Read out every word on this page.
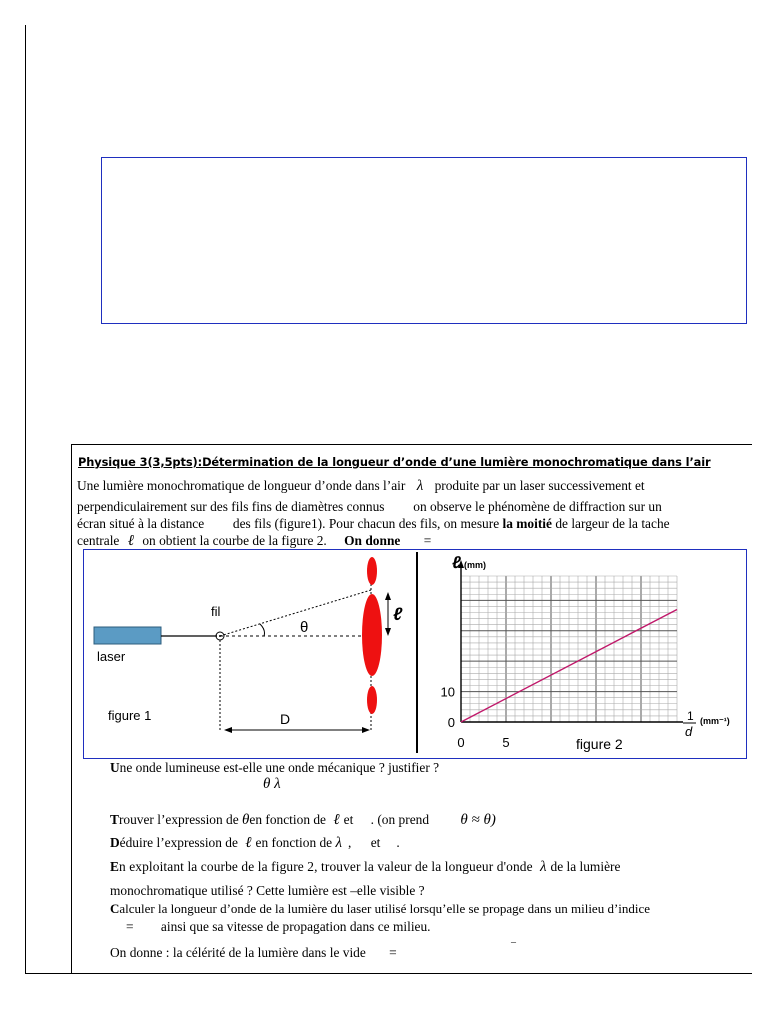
Physique 3(3,5pts):Détermination de la longueur d’onde d’une lumière monochromatique dans l’air
Une lumière monochromatique de longueur d’onde dans l’air λ produite par un laser successivement et
perpendiculairement sur des fils fins de diamètres connus on observe le phénomène de diffraction sur un
écran situé à la distance des fils (figure1). Pour chacun des fils, on mesure la moitié de largeur de la tache
centrale ℓ on obtient la courbe de la figure 2. On donne =
θ
fil
laser
figure 1	D
ℓ
0
10
0	5
ℓ (mm)
1
d
(mm⁻¹)
figure 2
Une onde lumineuse est-elle une onde mécanique ? justifier ?
θ λ
Trouver l’expression de θen fonction de ℓ et . (on prend θ ≈ θ)
Déduire l’expression de ℓ en fonction de λ , et .
En exploitant la courbe de la figure 2, trouver la valeur de la longueur d'onde λ de la lumière
monochromatique utilisé ? Cette lumière est –elle visible ?
Calculer la longueur d’onde de la lumière du laser utilisé lorsqu’elle se propage dans un milieu d’indice
= ainsi que sa vitesse de propagation dans ce milieu.
On donne : la célérité de la lumière dans le vide =
–
